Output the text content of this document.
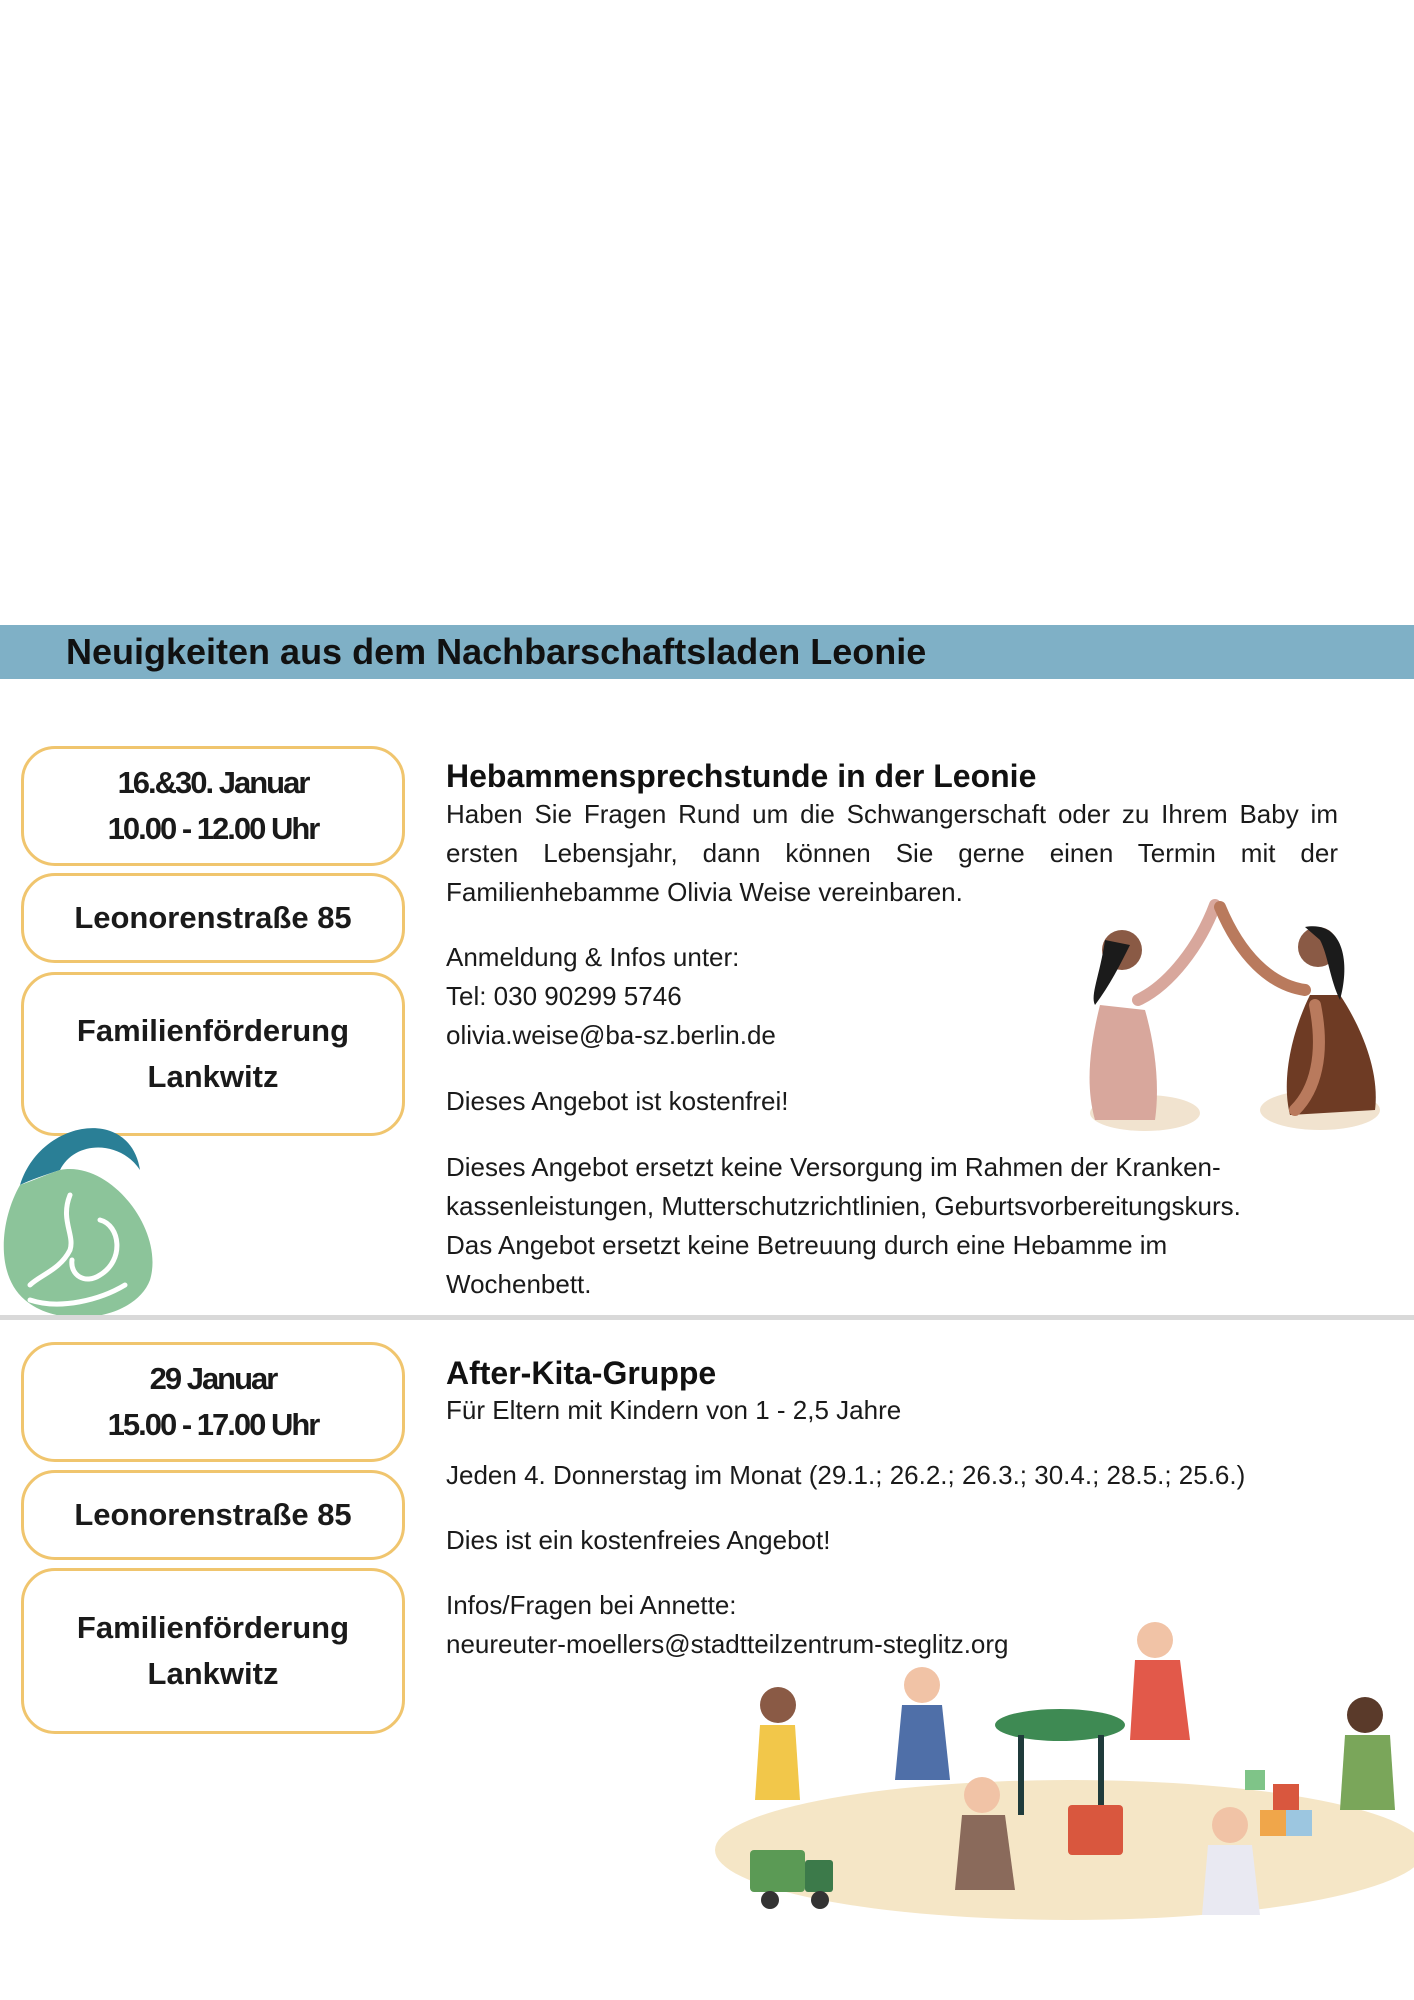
Neuigkeiten aus dem Nachbarschaftsladen Leonie
16.&30. Januar
10.00 - 12.00 Uhr
Leonorenstraße 85
Familienförderung
Lankwitz
Hebammensprechstunde in der Leonie

Haben Sie Fragen Rund um die Schwangerschaft oder zu Ihrem Baby im ersten Lebensjahr, dann können Sie gerne einen Termin mit der Familienhebamme Olivia Weise vereinbaren.

Anmeldung & Infos unter:

Tel: 030 90299 5746

olivia.weise@ba-sz.berlin.de

Dieses Angebot ist kostenfrei!

Dieses Angebot ersetzt keine Versorgung im Rahmen der Kranken-

kassenleistungen, Mutterschutzrichtlinien, Geburtsvorbereitungskurs.

Das Angebot ersetzt keine Betreuung durch eine Hebamme im

Wochenbett.

29 Januar
15.00 - 17.00 Uhr
Leonorenstraße 85
Familienförderung
Lankwitz
After-Kita-Gruppe
Für Eltern mit Kindern von 1 - 2,5 Jahre
Jeden 4. Donnerstag im Monat (29.1.; 26.2.; 26.3.; 30.4.; 28.5.; 25.6.)
Dies ist ein kostenfreies Angebot!

Infos/Fragen bei Annette:

neureuter-moellers@stadtteilzentrum-steglitz.org
